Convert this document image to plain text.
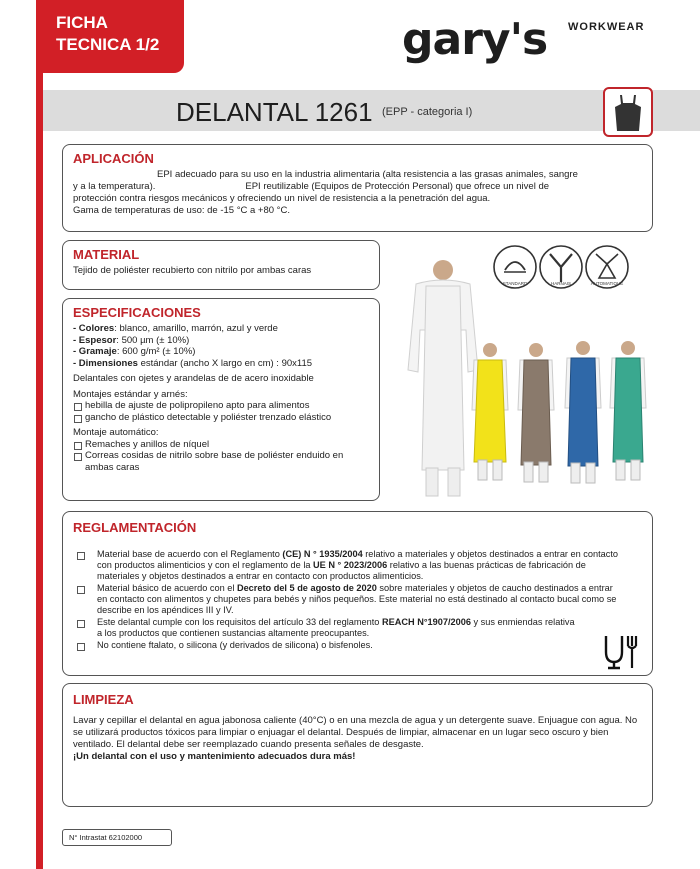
FICHA
TECNICA 1/2	gary's WORKWEAR
DELANTAL 1261 (EPP - categoria I)
APLICACIÓN
EPI adecuado para su uso en la industria alimentaria (alta resistencia a las grasas animales, sangre
y a la temperatura).	EPI reutilizable (Equipos de Protección Personal) que ofrece un nivel de
protección contra riesgos mecánicos y ofreciendo un nivel de resistencia a la penetración del agua.
Gama de temperaturas de uso: de -15 °C a +80 °C.
MATERIAL
Tejido de poliéster recubierto con nitrilo por ambas caras
ESPECIFICACIONES
- Colores: blanco, amarillo, marrón, azul y verde
- Espesor: 500 µm (± 10%)
- Gramaje: 600 g/m² (± 10%)
- Dimensiones estándar (ancho X largo en cm) : 90x115
Delantales con ojetes y arandelas de de acero inoxidable
Montajes estándar y arnés:
hebilla de ajuste de polipropileno apto para alimentos
gancho de plástico detectable y poliéster trenzado elástico
Montaje automático:
Remaches y anillos de níquel
Correas cosidas de nitrilo sobre base de poliéster enduido en ambas caras
STANDARD	HARNAIS	AUTOMATIQUE
REGLAMENTACIÓN
Material base de acuerdo con el Reglamento (CE) N ° 1935/2004 relativo a materiales y objetos destinados a entrar en contacto con productos alimenticios y con el reglamento de la UE N ° 2023/2006 relativo a las buenas prácticas de fabricación de materiales y objetos destinados a entrar en contacto con productos alimenticios.
Material básico de acuerdo con el Decreto del 5 de agosto de 2020 sobre materiales y objetos de caucho destinados a entrar en contacto con alimentos y chupetes para bebés y niños pequeños. Este material no está destinado al contacto bucal como se describe en los apéndices III y IV.
Este delantal cumple con los requisitos del artículo 33 del reglamento REACH N°1907/2006 y sus enmiendas relativa a los productos que contienen sustancias altamente preocupantes.
No contiene ftalato, o silicona (y derivados de silicona) o bisfenoles.
LIMPIEZA
Lavar y cepillar el delantal en agua jabonosa caliente (40°C) o en una mezcla de agua y un detergente suave. Enjuague con agua. No se utilizará productos tóxicos para limpiar o enjuagar el delantal. Después de limpiar, almacenar en un lugar seco oscuro y bien ventilado. El delantal debe ser reemplazado cuando presenta señales de desgaste.
¡Un delantal con el uso y mantenimiento adecuados dura más!
N° Intrastat 62102000
